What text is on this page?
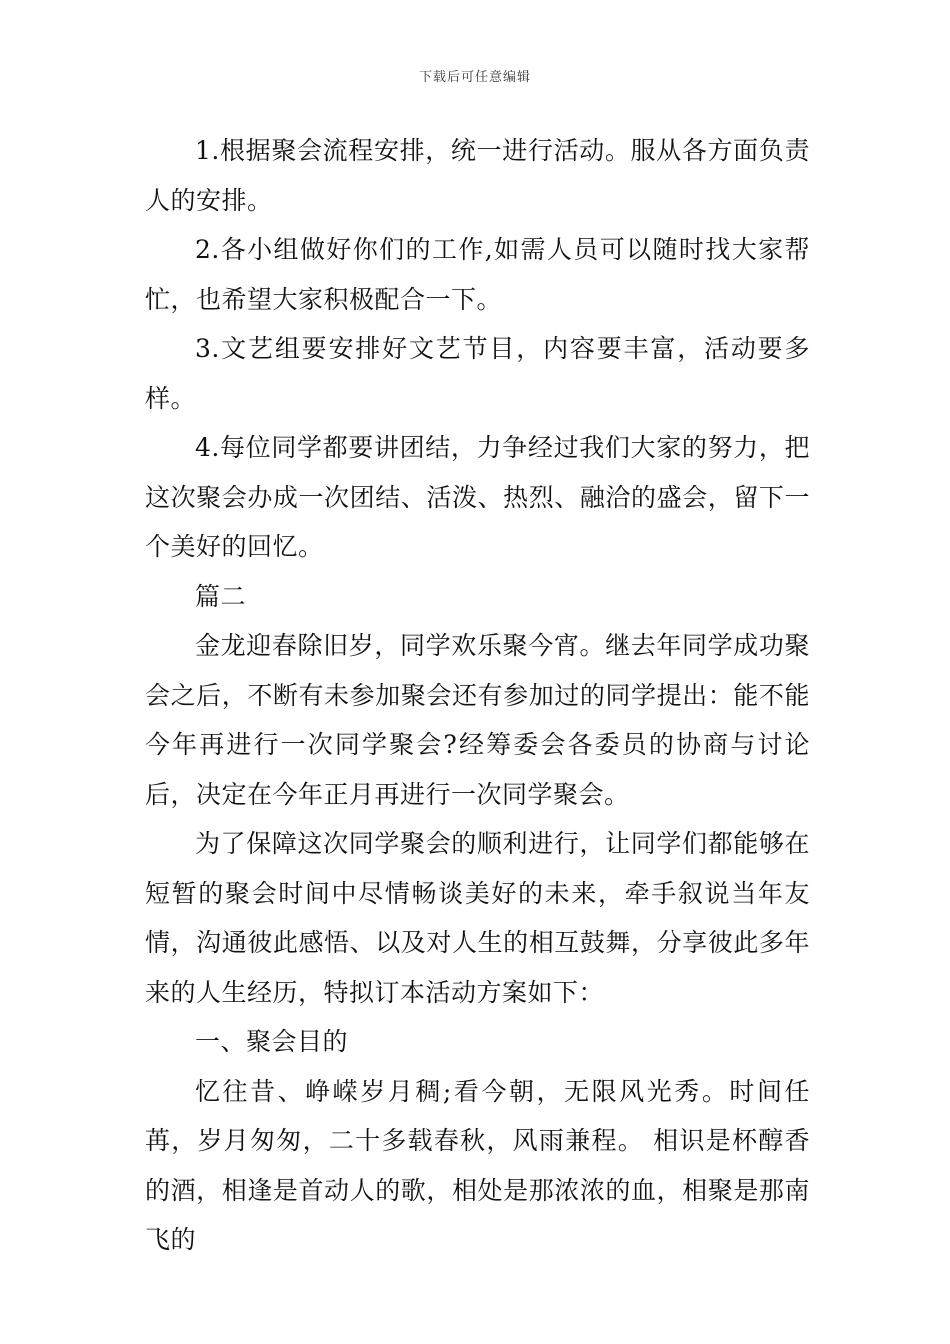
下载后可任意编辑

1.根据聚会流程安排，统一进行活动。服从各方面负责人的安排。

2.各小组做好你们的工作,如需人员可以随时找大家帮忙，也希望大家积极配合一下。

3.文艺组要安排好文艺节目，内容要丰富，活动要多样。

4.每位同学都要讲团结，力争经过我们大家的努力，把这次聚会办成一次团结、活泼、热烈、融洽的盛会，留下一个美好的回忆。

篇二

金龙迎春除旧岁，同学欢乐聚今宵。继去年同学成功聚会之后，不断有未参加聚会还有参加过的同学提出：能不能今年再进行一次同学聚会?经筹委会各委员的协商与讨论后，决定在今年正月再进行一次同学聚会。

为了保障这次同学聚会的顺利进行，让同学们都能够在短暂的聚会时间中尽情畅谈美好的未来，牵手叙说当年友情，沟通彼此感悟、以及对人生的相互鼓舞，分享彼此多年来的人生经历，特拟订本活动方案如下：

一、聚会目的

忆往昔、峥嵘岁月稠;看今朝，无限风光秀。时间任苒，岁月匆匆，二十多载春秋，风雨兼程。 相识是杯醇香的酒，相逢是首动人的歌，相处是那浓浓的血，相聚是那南飞的
